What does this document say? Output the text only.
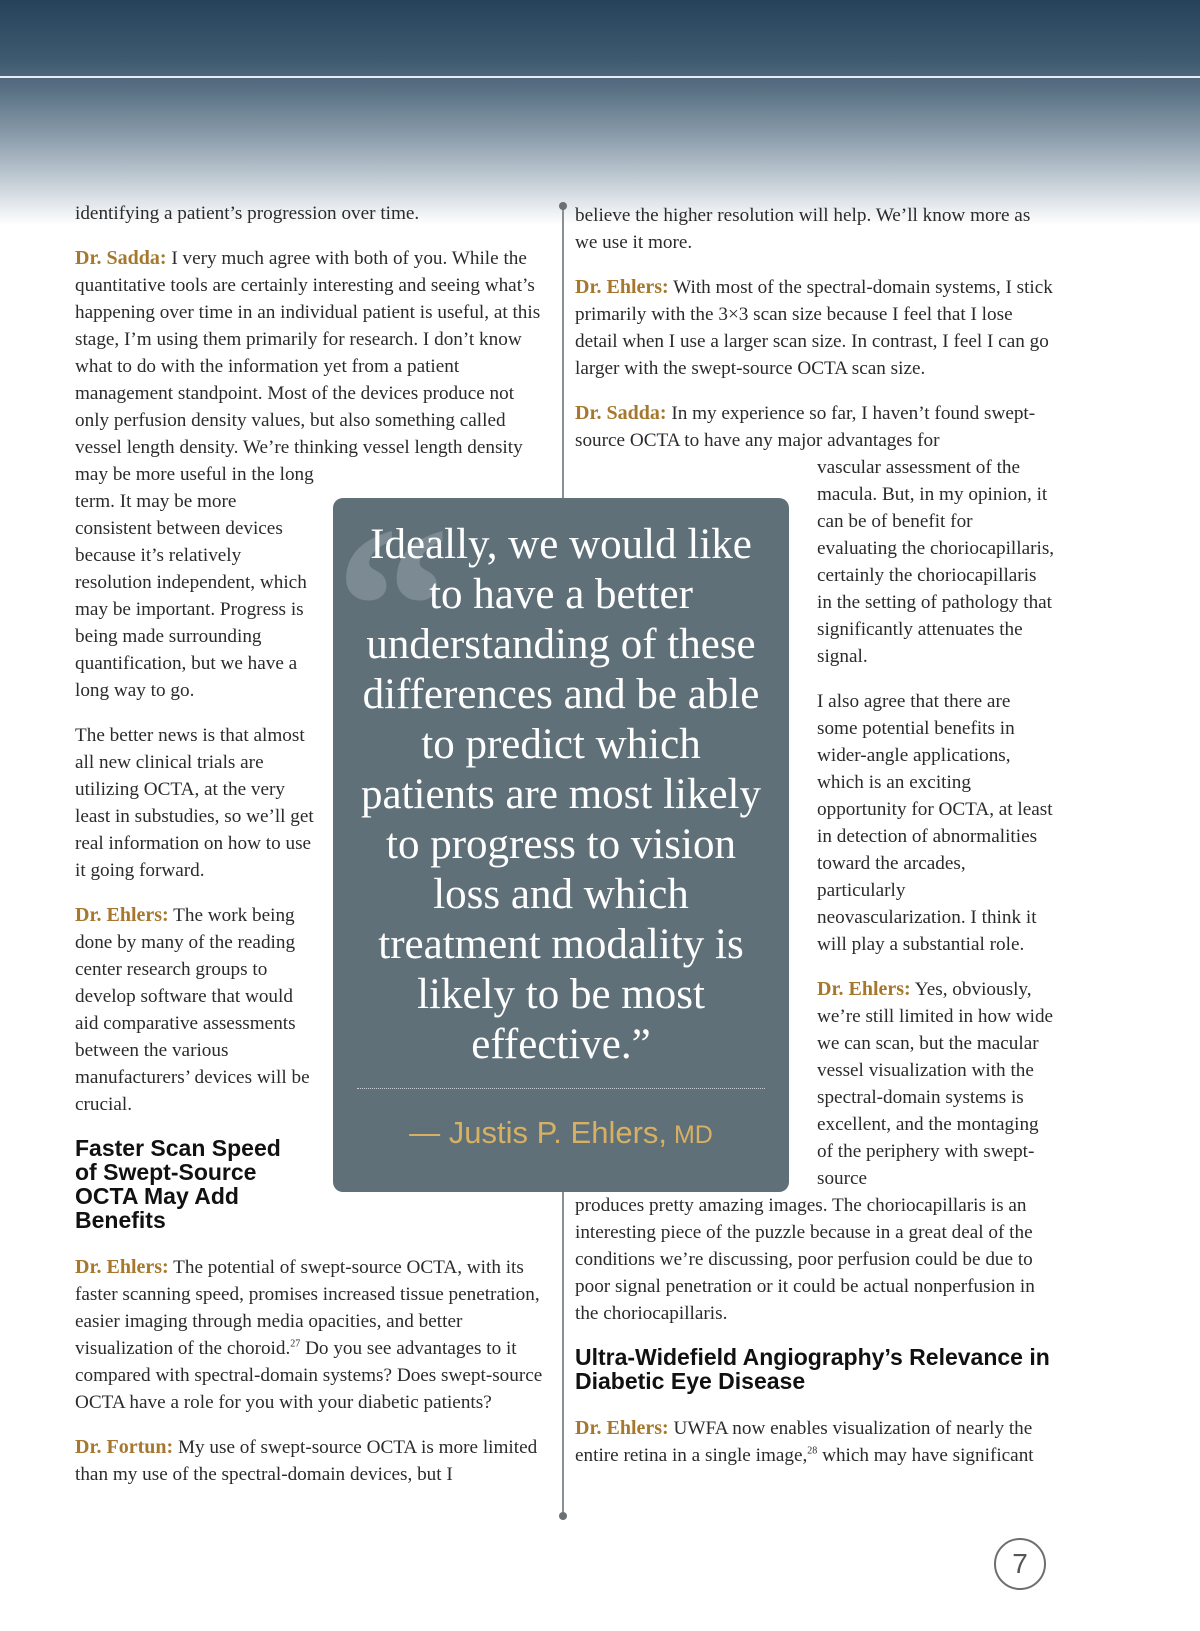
identifying a patient’s progression over time.

Dr. Sadda: I very much agree with both of you. While the quantitative tools are certainly interesting and seeing what’s happening over time in an individual patient is useful, at this stage, I’m using them primarily for research. I don’t know what to do with the information yet from a patient management standpoint. Most of the devices produce not only perfusion density values, but also something called vessel length density. We’re thinking vessel length density

may be more useful in the long term. It may be more consistent between devices because it’s relatively resolution independent, which may be important. Progress is being made surrounding quantification, but we have a long way to go.

The better news is that almost all new clinical trials are utilizing OCTA, at the very least in substudies, so we’ll get real information on how to use it going forward.

Dr. Ehlers: The work being done by many of the reading center research groups to develop software that would aid comparative assessments between the various manufacturers’ devices will be crucial.

Faster Scan Speed of Swept-Source OCTA May Add Benefits

Dr. Ehlers: The potential of swept-source OCTA, with its faster scanning speed, promises increased tissue penetration, easier imaging through media opacities, and better visualization of the choroid.$^{27}$ Do you see advantages to it compared with spectral-domain systems? Does swept-source OCTA have a role for you with your diabetic patients?

Dr. Fortun: My use of swept-source OCTA is more limited than my use of the spectral-domain devices, but I

believe the higher resolution will help. We’ll know more as we use it more.

Dr. Ehlers: With most of the spectral-domain systems, I stick primarily with the 3×3 scan size because I feel that I lose detail when I use a larger scan size. In contrast, I feel I can go larger with the swept-source OCTA scan size.

Dr. Sadda: In my experience so far, I haven’t found swept-source OCTA to have any major advantages for

vascular assessment of the macula. But, in my opinion, it can be of benefit for evaluating the choriocapillaris, certainly the choriocapillaris in the setting of pathology that significantly attenuates the signal.

I also agree that there are some potential benefits in wider-angle applications, which is an exciting opportunity for OCTA, at least in detection of abnormalities toward the arcades, particularly neovascularization. I think it will play a substantial role.

Dr. Ehlers: Yes, obviously, we’re still limited in how wide we can scan, but the macular vessel visualization with the spectral-domain systems is excellent, and the montaging of the periphery with swept-source

produces pretty amazing images. The choriocapillaris is an interesting piece of the puzzle because in a great deal of the conditions we’re discussing, poor perfusion could be due to poor signal penetration or it could be actual nonperfusion in the choriocapillaris.

Ultra-Widefield Angiography’s Relevance in Diabetic Eye Disease

Dr. Ehlers: UWFA now enables visualization of nearly the entire retina in a single image,$^{28}$ which may have significant

“
Ideally, we would like to have a better understanding of these differences and be able to predict which patients are most likely to progress to vision loss and which treatment modality is likely to be most effective.”
— Justis P. Ehlers, MD
7
